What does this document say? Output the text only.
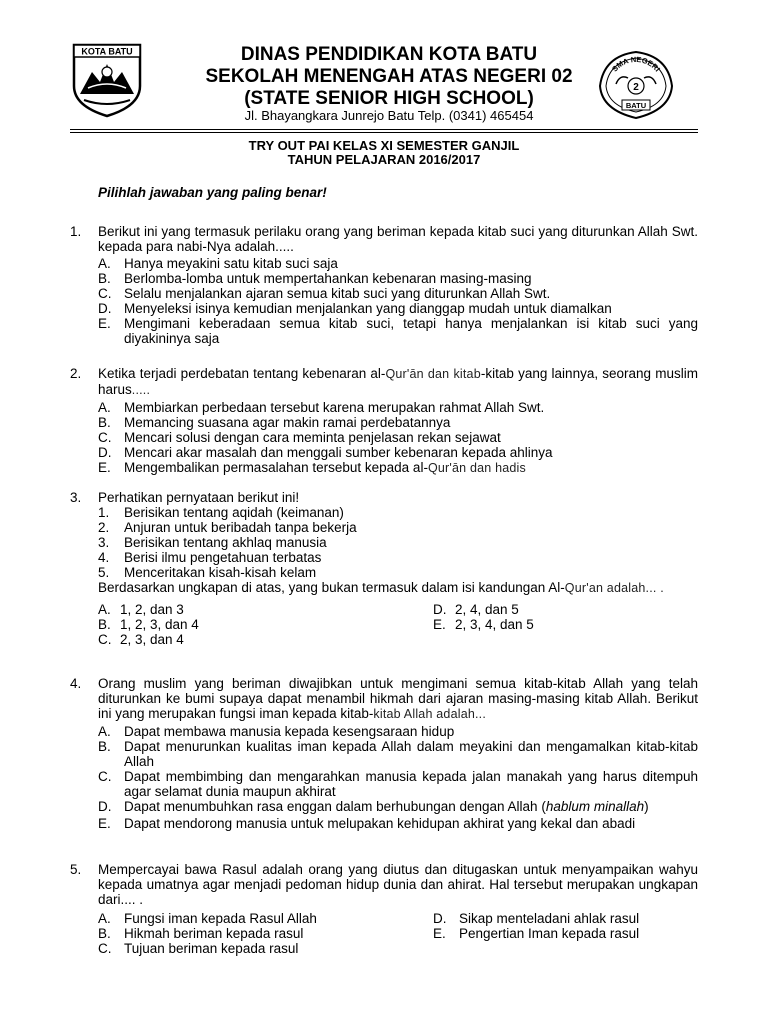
KOTA BATU	DINAS PENDIDIKAN KOTA BATU
SEKOLAH MENENGAH ATAS NEGERI 02
(STATE SENIOR HIGH SCHOOL)
Jl. Bhayangkara Junrejo Batu Telp. (0341) 465454
SMA NEGERI
2
BATU
TRY OUT PAI KELAS XI SEMESTER GANJIL
TAHUN PELAJARAN 2016/2017
Pilihlah jawaban yang paling benar!
1. Berikut ini yang termasuk perilaku orang yang beriman kepada kitab suci yang diturunkan Allah Swt. kepada para nabi-Nya adalah.....
A. Hanya meyakini satu kitab suci saja
B. Berlomba-lomba untuk mempertahankan kebenaran masing-masing
C. Selalu menjalankan ajaran semua kitab suci yang diturunkan Allah Swt.
D. Menyeleksi isinya kemudian menjalankan yang dianggap mudah untuk diamalkan
E. Mengimani keberadaan semua kitab suci, tetapi hanya menjalankan isi kitab suci yang diyakininya saja
2. Ketika terjadi perdebatan tentang kebenaran al-Qur'ān dan kitab-kitab yang lainnya, seorang muslim harus.....
A. Membiarkan perbedaan tersebut karena merupakan rahmat Allah Swt.
B. Memancing suasana agar makin ramai perdebatannya
C. Mencari solusi dengan cara meminta penjelasan rekan sejawat
D. Mencari akar masalah dan menggali sumber kebenaran kepada ahlinya
E. Mengembalikan permasalahan tersebut kepada al-Qur'ān dan hadis
3. Perhatikan pernyataan berikut ini!
1.	Berisikan tentang aqidah (keimanan)
2.	Anjuran untuk beribadah tanpa bekerja
3.	Berisikan tentang akhlaq manusia
4.	Berisi ilmu pengetahuan terbatas
5.	Menceritakan kisah-kisah kelam
Berdasarkan ungkapan di atas, yang bukan termasuk dalam isi kandungan Al-Qur'an adalah... .
A. 1, 2, dan 3
B. 1, 2, 3, dan 4
C. 2, 3, dan 4
D. 2, 4, dan 5
E. 2, 3, 4, dan 5
4. Orang muslim yang beriman diwajibkan untuk mengimani semua kitab-kitab Allah yang telah diturunkan ke bumi supaya dapat menambil hikmah dari ajaran masing-masing kitab Allah. Berikut ini yang merupakan fungsi iman kepada kitab-kitab Allah adalah...
A. Dapat membawa manusia kepada kesengsaraan hidup
B. Dapat menurunkan kualitas iman kepada Allah dalam meyakini dan mengamalkan kitab-kitab Allah
C. Dapat membimbing dan mengarahkan manusia kepada jalan manakah yang harus ditempuh agar selamat dunia maupun akhirat
D. Dapat menumbuhkan rasa enggan dalam berhubungan dengan Allah (hablum minallah)
E. Dapat mendorong manusia untuk melupakan kehidupan akhirat yang kekal dan abadi
5. Mempercayai bawa Rasul adalah orang yang diutus dan ditugaskan untuk menyampaikan wahyu kepada umatnya agar menjadi pedoman hidup dunia dan ahirat. Hal tersebut merupakan ungkapan dari.... .
A. Fungsi iman kepada Rasul Allah
B. Hikmah beriman kepada rasul
C. Tujuan beriman kepada rasul
D. Sikap menteladani ahlak rasul
E. Pengertian Iman kepada rasul
